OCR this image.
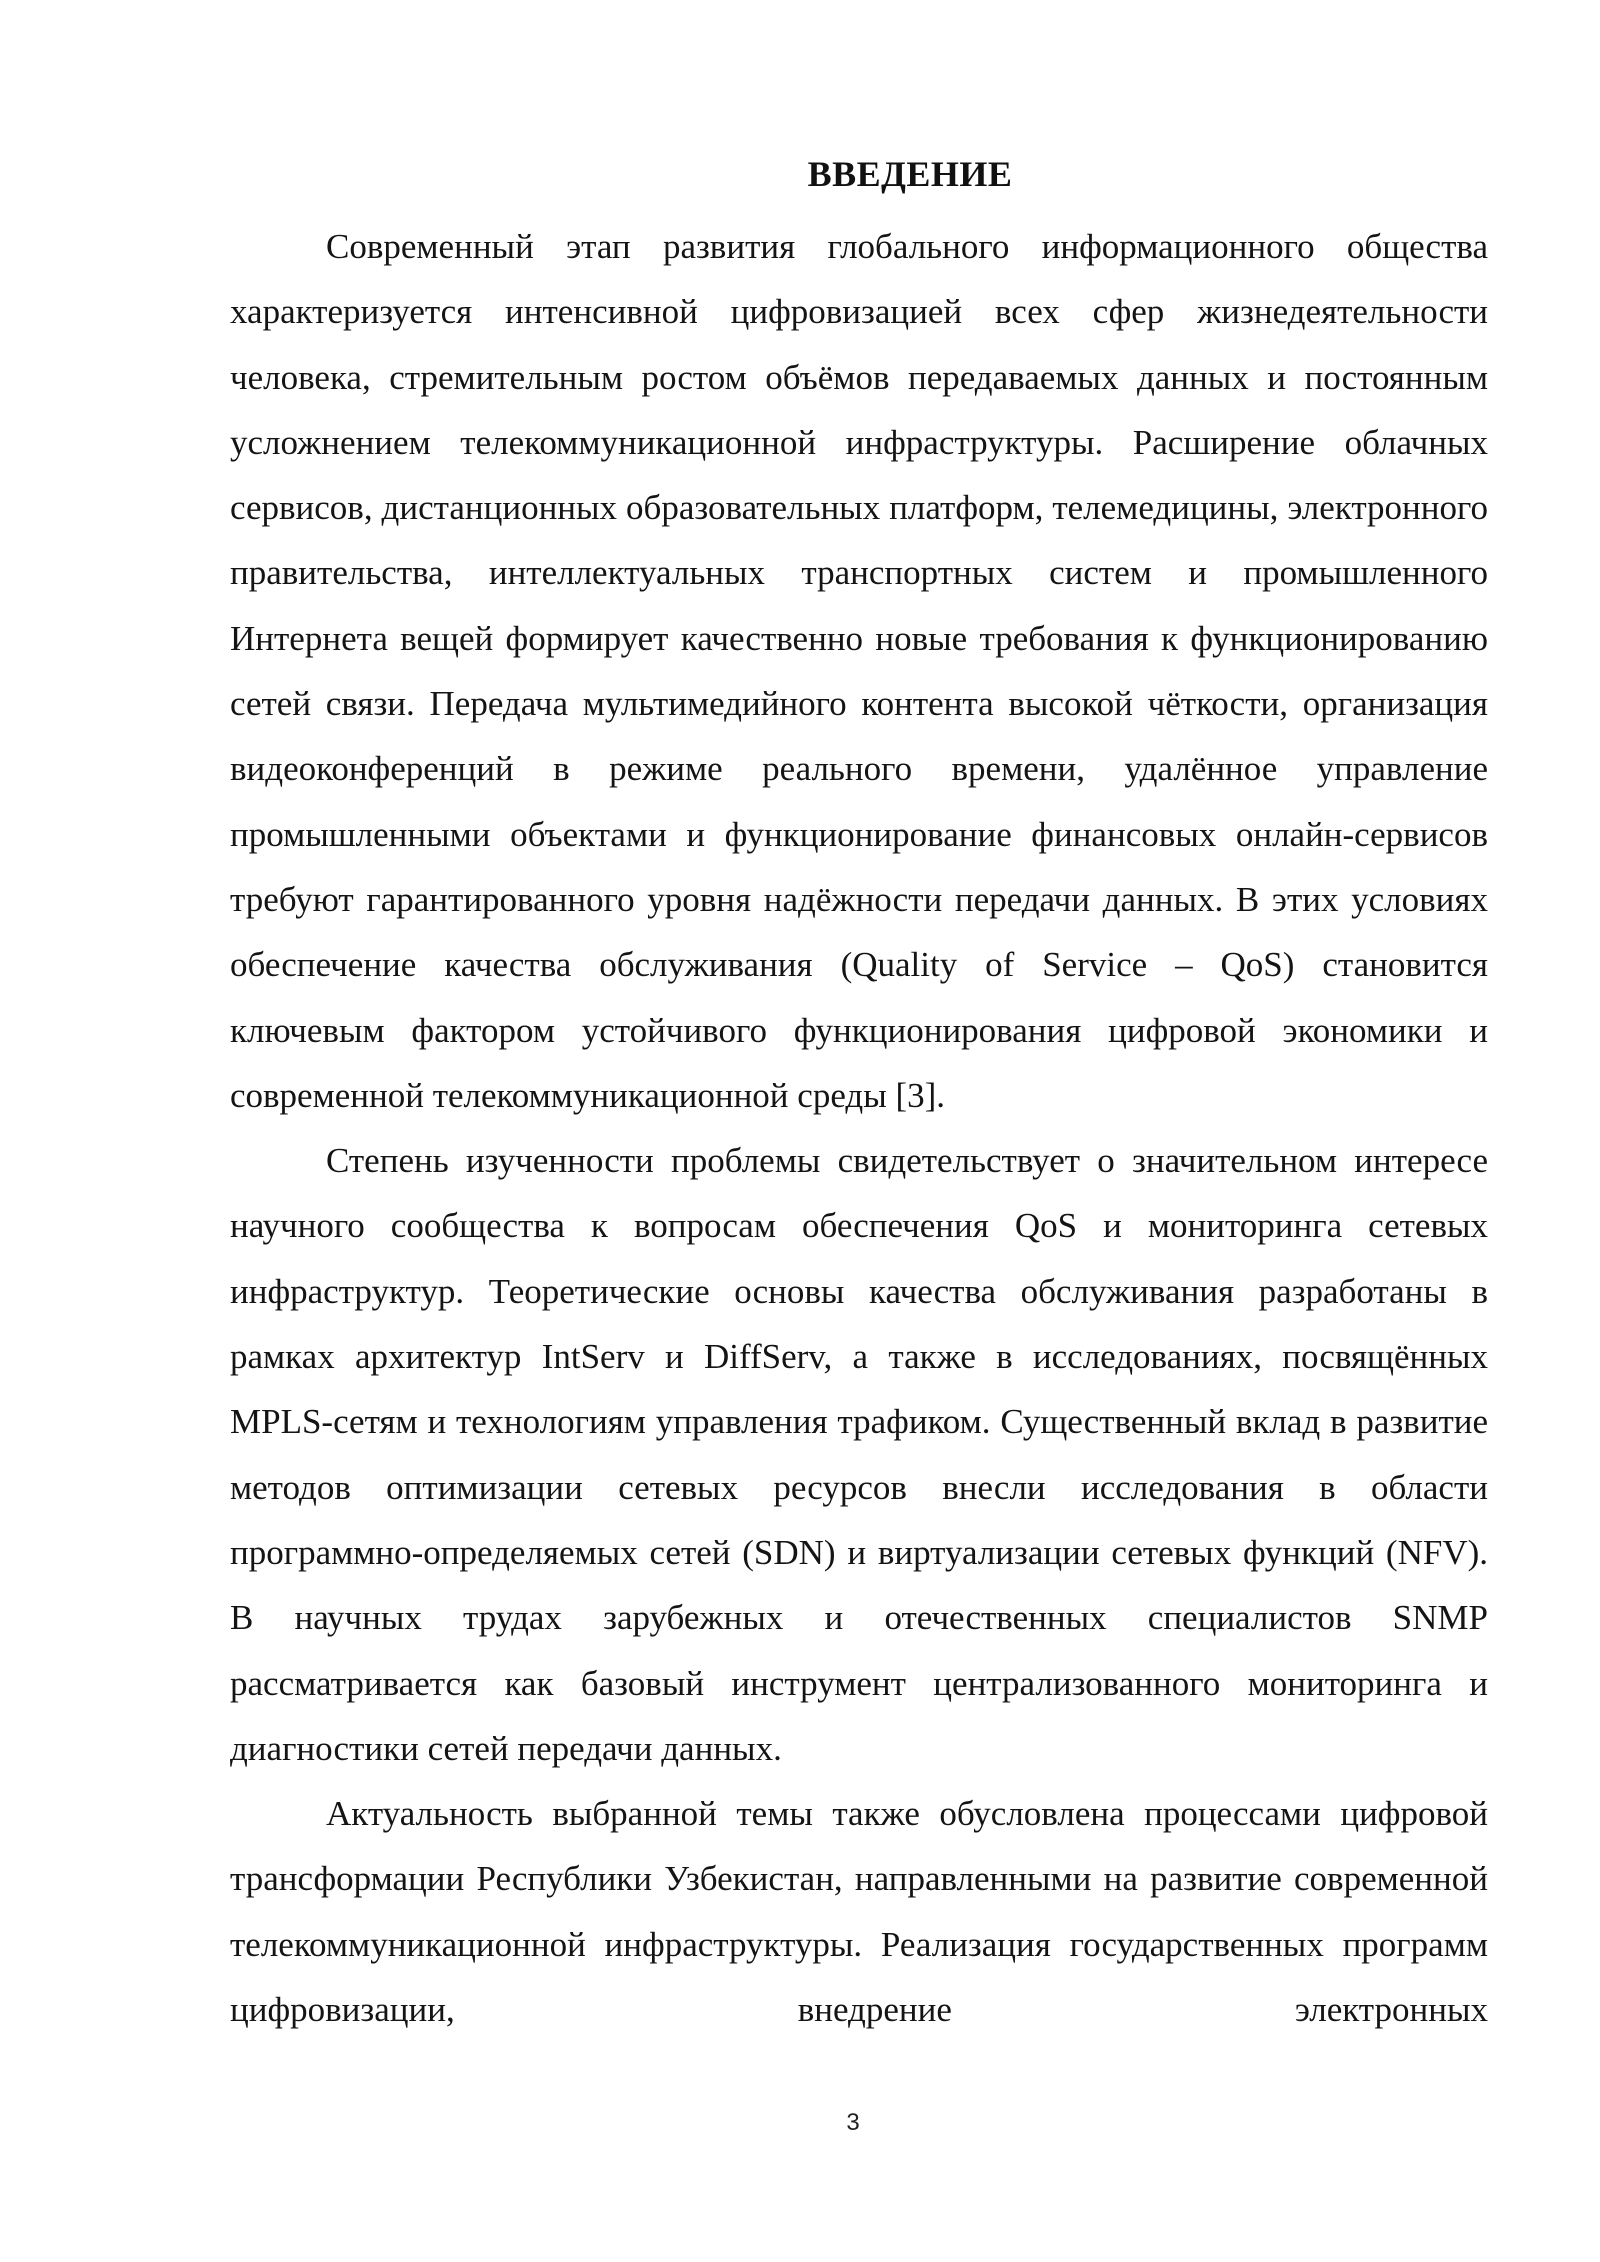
ВВЕДЕНИЕ

Современный этап развития глобального информационного общества характеризуется интенсивной цифровизацией всех сфер жизнедеятельности человека, стремительным ростом объёмов передаваемых данных и постоянным усложнением телекоммуникационной инфраструктуры. Расширение облачных сервисов, дистанционных образовательных платформ, телемедицины, электронного правительства, интеллектуальных транспортных систем и промышленного Интернета вещей формирует качественно новые требования к функционированию сетей связи. Передача мультимедийного контента высокой чёткости, организация видеоконференций в режиме реального времени, удалённое управление промышленными объектами и функционирование финансовых онлайн-сервисов требуют гарантированного уровня надёжности передачи данных. В этих условиях обеспечение качества обслуживания (Quality of Service – QoS) становится ключевым фактором устойчивого функционирования цифровой экономики и современной телекоммуникационной среды [3].

Степень изученности проблемы свидетельствует о значительном интересе научного сообщества к вопросам обеспечения QoS и мониторинга сетевых инфраструктур. Теоретические основы качества обслуживания разработаны в рамках архитектур IntServ и DiffServ, а также в исследованиях, посвящённых MPLS-сетям и технологиям управления трафиком. Существенный вклад в развитие методов оптимизации сетевых ресурсов внесли исследования в области программно-определяемых сетей (SDN) и виртуализации сетевых функций (NFV). В научных трудах зарубежных и отечественных специалистов SNMP рассматривается как базовый инструмент централизованного мониторинга и диагностики сетей передачи данных.

Актуальность выбранной темы также обусловлена процессами цифровой трансформации Республики Узбекистан, направленными на развитие современной телекоммуникационной инфраструктуры. Реализация государственных программ цифровизации, внедрение электронных

3
